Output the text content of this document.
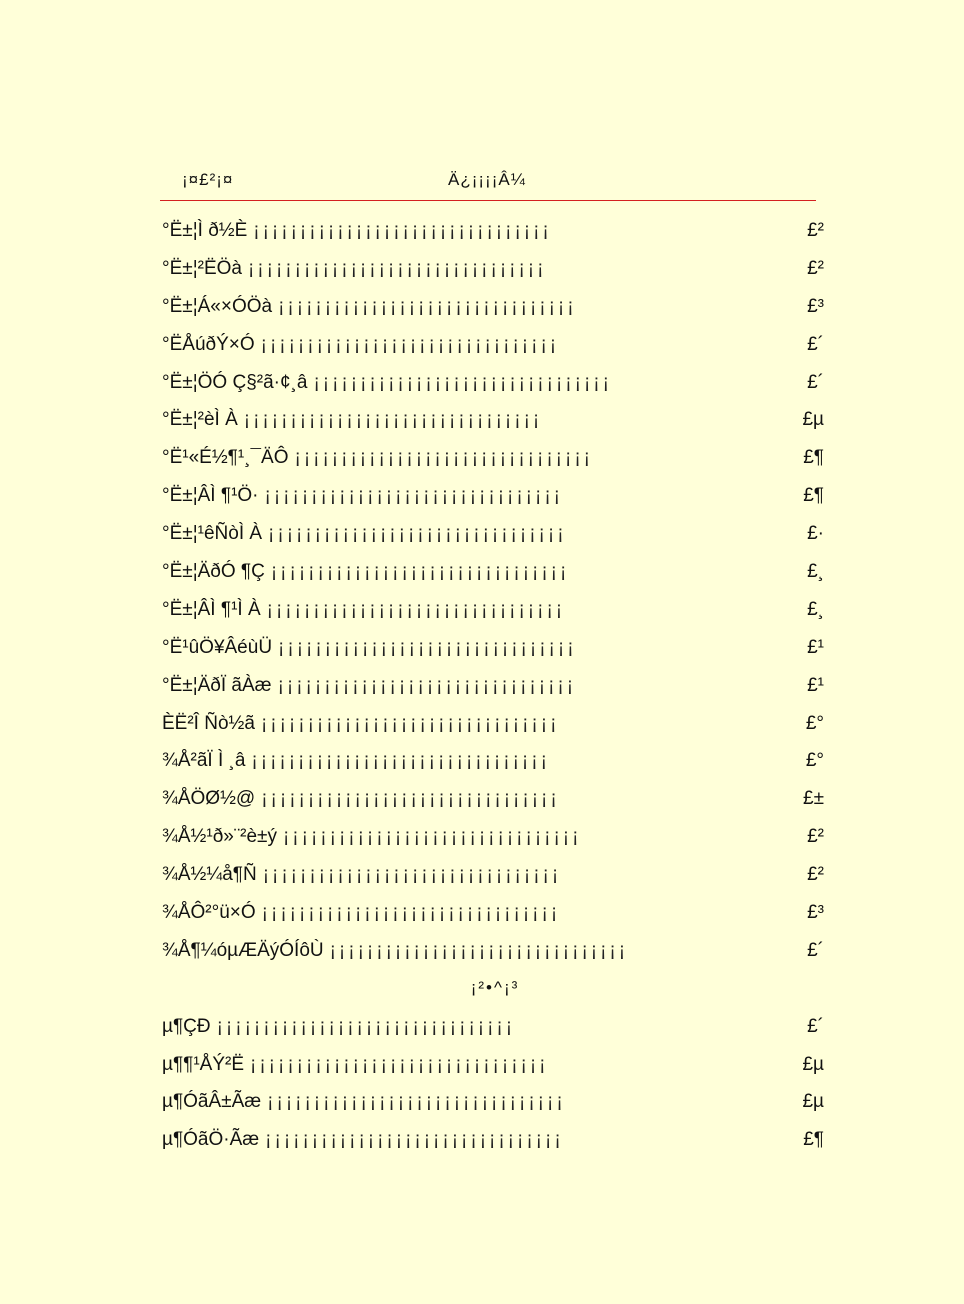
¡¤£²¡¤	Ä¿¡¡¡¡Â¼
°Ë±¦Ì ð½È ¡¡¡¡¡¡¡¡¡¡¡¡¡¡¡¡¡¡¡¡¡¡¡¡¡¡¡¡¡¡¡¡	£²
°Ë±¦²ËÖà ¡¡¡¡¡¡¡¡¡¡¡¡¡¡¡¡¡¡¡¡¡¡¡¡¡¡¡¡¡¡¡¡	£²
°Ë±¦Á«×ÓÖà ¡¡¡¡¡¡¡¡¡¡¡¡¡¡¡¡¡¡¡¡¡¡¡¡¡¡¡¡¡¡¡¡	£³
°ËÅúðÝ×Ó ¡¡¡¡¡¡¡¡¡¡¡¡¡¡¡¡¡¡¡¡¡¡¡¡¡¡¡¡¡¡¡¡	£´
°Ë±¦ÖÓ Ç§²ã·¢¸â ¡¡¡¡¡¡¡¡¡¡¡¡¡¡¡¡¡¡¡¡¡¡¡¡¡¡¡¡¡¡¡¡	£´
°Ë±¦²èÌ À ¡¡¡¡¡¡¡¡¡¡¡¡¡¡¡¡¡¡¡¡¡¡¡¡¡¡¡¡¡¡¡¡	£µ
°Ë¹«É½¶¹¸¯ÄÔ ¡¡¡¡¡¡¡¡¡¡¡¡¡¡¡¡¡¡¡¡¡¡¡¡¡¡¡¡¡¡¡¡	£¶
°Ë±¦ÂÌ ¶¹Ö· ¡¡¡¡¡¡¡¡¡¡¡¡¡¡¡¡¡¡¡¡¡¡¡¡¡¡¡¡¡¡¡¡	£¶
°Ë±¦¹êÑòÌ À ¡¡¡¡¡¡¡¡¡¡¡¡¡¡¡¡¡¡¡¡¡¡¡¡¡¡¡¡¡¡¡¡	£·
°Ë±¦ÄðÓ ¶Ç ¡¡¡¡¡¡¡¡¡¡¡¡¡¡¡¡¡¡¡¡¡¡¡¡¡¡¡¡¡¡¡¡	£¸
°Ë±¦ÂÌ ¶¹Ì À ¡¡¡¡¡¡¡¡¡¡¡¡¡¡¡¡¡¡¡¡¡¡¡¡¡¡¡¡¡¡¡¡	£¸
°Ë¹ûÖ¥ÂéùÜ ¡¡¡¡¡¡¡¡¡¡¡¡¡¡¡¡¡¡¡¡¡¡¡¡¡¡¡¡¡¡¡¡	£¹
°Ë±¦ÄðÏ ãÀæ ¡¡¡¡¡¡¡¡¡¡¡¡¡¡¡¡¡¡¡¡¡¡¡¡¡¡¡¡¡¡¡¡	£¹
ÈË²Î Ñò½ã ¡¡¡¡¡¡¡¡¡¡¡¡¡¡¡¡¡¡¡¡¡¡¡¡¡¡¡¡¡¡¡¡	£°
¾Å²ãÏ Ì ¸â ¡¡¡¡¡¡¡¡¡¡¡¡¡¡¡¡¡¡¡¡¡¡¡¡¡¡¡¡¡¡¡¡	£°
¾ÅÖØ½@ ¡¡¡¡¡¡¡¡¡¡¡¡¡¡¡¡¡¡¡¡¡¡¡¡¡¡¡¡¡¡¡¡	£±
¾Å½¹ð»¨²è±ý ¡¡¡¡¡¡¡¡¡¡¡¡¡¡¡¡¡¡¡¡¡¡¡¡¡¡¡¡¡¡¡¡	£²
¾Å½¼å¶Ñ ¡¡¡¡¡¡¡¡¡¡¡¡¡¡¡¡¡¡¡¡¡¡¡¡¡¡¡¡¡¡¡¡	£²
¾ÅÔ²°ü×Ó ¡¡¡¡¡¡¡¡¡¡¡¡¡¡¡¡¡¡¡¡¡¡¡¡¡¡¡¡¡¡¡¡	£³
¾Å¶¼óµÆÄýÓÍôÙ ¡¡¡¡¡¡¡¡¡¡¡¡¡¡¡¡¡¡¡¡¡¡¡¡¡¡¡¡¡¡¡¡	£´
¡²•^¡³
µ¶ÇÐ ¡¡¡¡¡¡¡¡¡¡¡¡¡¡¡¡¡¡¡¡¡¡¡¡¡¡¡¡¡¡¡¡	£´
µ¶¶¹ÅÝ²Ë ¡¡¡¡¡¡¡¡¡¡¡¡¡¡¡¡¡¡¡¡¡¡¡¡¡¡¡¡¡¡¡¡	£µ
µ¶ÓãÂ±Ãæ ¡¡¡¡¡¡¡¡¡¡¡¡¡¡¡¡¡¡¡¡¡¡¡¡¡¡¡¡¡¡¡¡	£µ
µ¶ÓãÖ·Ãæ ¡¡¡¡¡¡¡¡¡¡¡¡¡¡¡¡¡¡¡¡¡¡¡¡¡¡¡¡¡¡¡¡	£¶
